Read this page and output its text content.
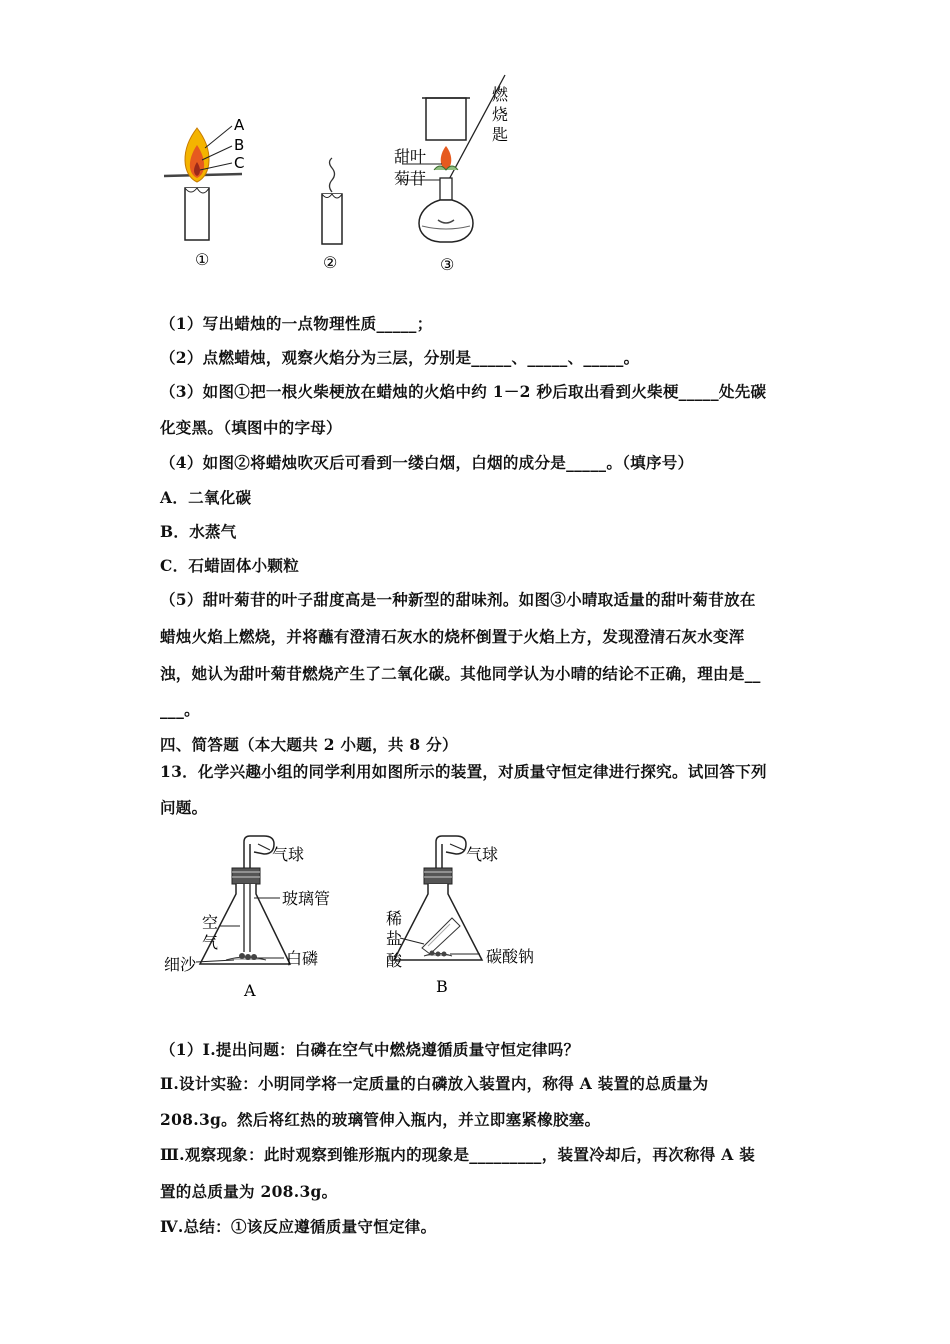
A
B
C
燃
烧
匙
甜叶
菊苷
①	②	③
（1）写出蜡烛的一点物理性质_____；
（2）点燃蜡烛，观察火焰分为三层，分别是_____、_____、_____。
（3）如图①把一根火柴梗放在蜡烛的火焰中约 1－2 秒后取出看到火柴梗_____处先碳
化变黑。（填图中的字母）
（4）如图②将蜡烛吹灭后可看到一缕白烟，白烟的成分是_____。（填序号）
A．二氧化碳
B．水蒸气
C．石蜡固体小颗粒
（5）甜叶菊苷的叶子甜度高是一种新型的甜味剂。如图③小晴取适量的甜叶菊苷放在
蜡烛火焰上燃烧，并将蘸有澄清石灰水的烧杯倒置于火焰上方，发现澄清石灰水变浑
浊，她认为甜叶菊苷燃烧产生了二氧化碳。其他同学认为小晴的结论不正确，理由是__
___。
四、简答题（本大题共 2 小题，共 8 分）
13．化学兴趣小组的同学利用如图所示的装置，对质量守恒定律进行探究。试回答下列
问题。
气球
玻璃管
空
气
细沙	白磷
A
气球
稀
盐
酸	碳酸钠
B
（1）Ⅰ.提出问题：白磷在空气中燃烧遵循质量守恒定律吗？
Ⅱ.设计实验：小明同学将一定质量的白磷放入装置内，称得 A 装置的总质量为
208.3g。然后将红热的玻璃管伸入瓶内，并立即塞紧橡胶塞。
Ⅲ.观察现象：此时观察到锥形瓶内的现象是_________，装置冷却后，再次称得 A 装
置的总质量为 208.3g。
Ⅳ.总结：①该反应遵循质量守恒定律。
